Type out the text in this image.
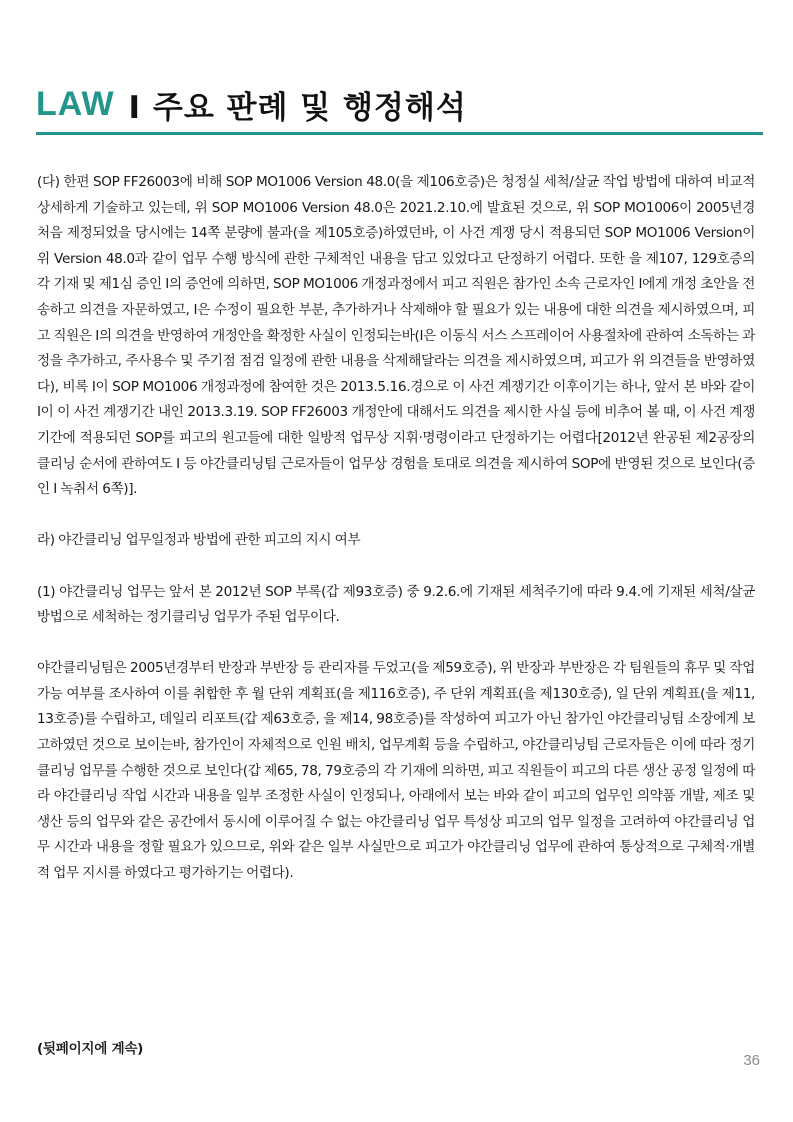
LAW I 주요 판례 및 행정해석

(다) 한편 SOP FF26003에 비해 SOP MO1006 Version 48.0(을 제106호증)은 청정실 세척/살균 작업 방법에 대하여 비교적 상세하게 기술하고 있는데, 위 SOP MO1006 Version 48.0은 2021.2.10.에 발효된 것으로, 위 SOP MO1006이 2005년경 처음 제정되었을 당시에는 14쪽 분량에 불과(을 제105호증)하였던바, 이 사건 계쟁 당시 적용되던 SOP MO1006 Version이 위 Version 48.0과 같이 업무 수행 방식에 관한 구체적인 내용을 담고 있었다고 단정하기 어렵다. 또한 을 제107, 129호증의 각 기재 및 제1심 증인 I의 증언에 의하면, SOP MO1006 개정과정에서 피고 직원은 참가인 소속 근로자인 I에게 개정 초안을 전송하고 의견을 자문하였고, I은 수정이 필요한 부분, 추가하거나 삭제해야 할 필요가 있는 내용에 대한 의견을 제시하였으며, 피고 직원은 I의 의견을 반영하여 개정안을 확정한 사실이 인정되는바(I은 이동식 서스 스프레이어 사용절차에 관하여 소독하는 과정을 추가하고, 주사용수 및 주기점 점검 일정에 관한 내용을 삭제해달라는 의견을 제시하였으며, 피고가 위 의견들을 반영하였다), 비록 I이 SOP MO1006 개정과정에 참여한 것은 2013.5.16.경으로 이 사건 계쟁기간 이후이기는 하나, 앞서 본 바와 같이 I이 이 사건 계쟁기간 내인 2013.3.19. SOP FF26003 개정안에 대해서도 의견을 제시한 사실 등에 비추어 볼 때, 이 사건 계쟁기간에 적용되던 SOP를 피고의 원고들에 대한 일방적 업무상 지휘·명령이라고 단정하기는 어렵다[2012년 완공된 제2공장의 클리닝 순서에 관하여도 I 등 야간클리닝팀 근로자들이 업무상 경험을 토대로 의견을 제시하여 SOP에 반영된 것으로 보인다(증인 I 녹취서 6쪽)].

라) 야간클리닝 업무일정과 방법에 관한 피고의 지시 여부

(1) 야간클리닝 업무는 앞서 본 2012년 SOP 부록(갑 제93호증) 중 9.2.6.에 기재된 세척주기에 따라 9.4.에 기재된 세척/살균 방법으로 세척하는 정기클리닝 업무가 주된 업무이다.

야간클리닝팀은 2005년경부터 반장과 부반장 등 관리자를 두었고(을 제59호증), 위 반장과 부반장은 각 팀원들의 휴무 및 작업 가능 여부를 조사하여 이를 취합한 후 월 단위 계획표(을 제116호증), 주 단위 계획표(을 제130호증), 일 단위 계획표(을 제11, 13호증)를 수립하고, 데일리 리포트(갑 제63호증, 을 제14, 98호증)를 작성하여 피고가 아닌 참가인 야간클리닝팀 소장에게 보고하였던 것으로 보이는바, 참가인이 자체적으로 인원 배치, 업무계획 등을 수립하고, 야간클리닝팀 근로자들은 이에 따라 정기클리닝 업무를 수행한 것으로 보인다(갑 제65, 78, 79호증의 각 기재에 의하면, 피고 직원들이 피고의 다른 생산 공정 일정에 따라 야간클리닝 작업 시간과 내용을 일부 조정한 사실이 인정되나, 아래에서 보는 바와 같이 피고의 업무인 의약품 개발, 제조 및 생산 등의 업무와 같은 공간에서 동시에 이루어질 수 없는 야간클리닝 업무 특성상 피고의 업무 일정을 고려하여 야간클리닝 업무 시간과 내용을 정할 필요가 있으므로, 위와 같은 일부 사실만으로 피고가 야간클리닝 업무에 관하여 통상적으로 구체적·개별적 업무 지시를 하였다고 평가하기는 어렵다).

(뒷페이지에 계속)
36
